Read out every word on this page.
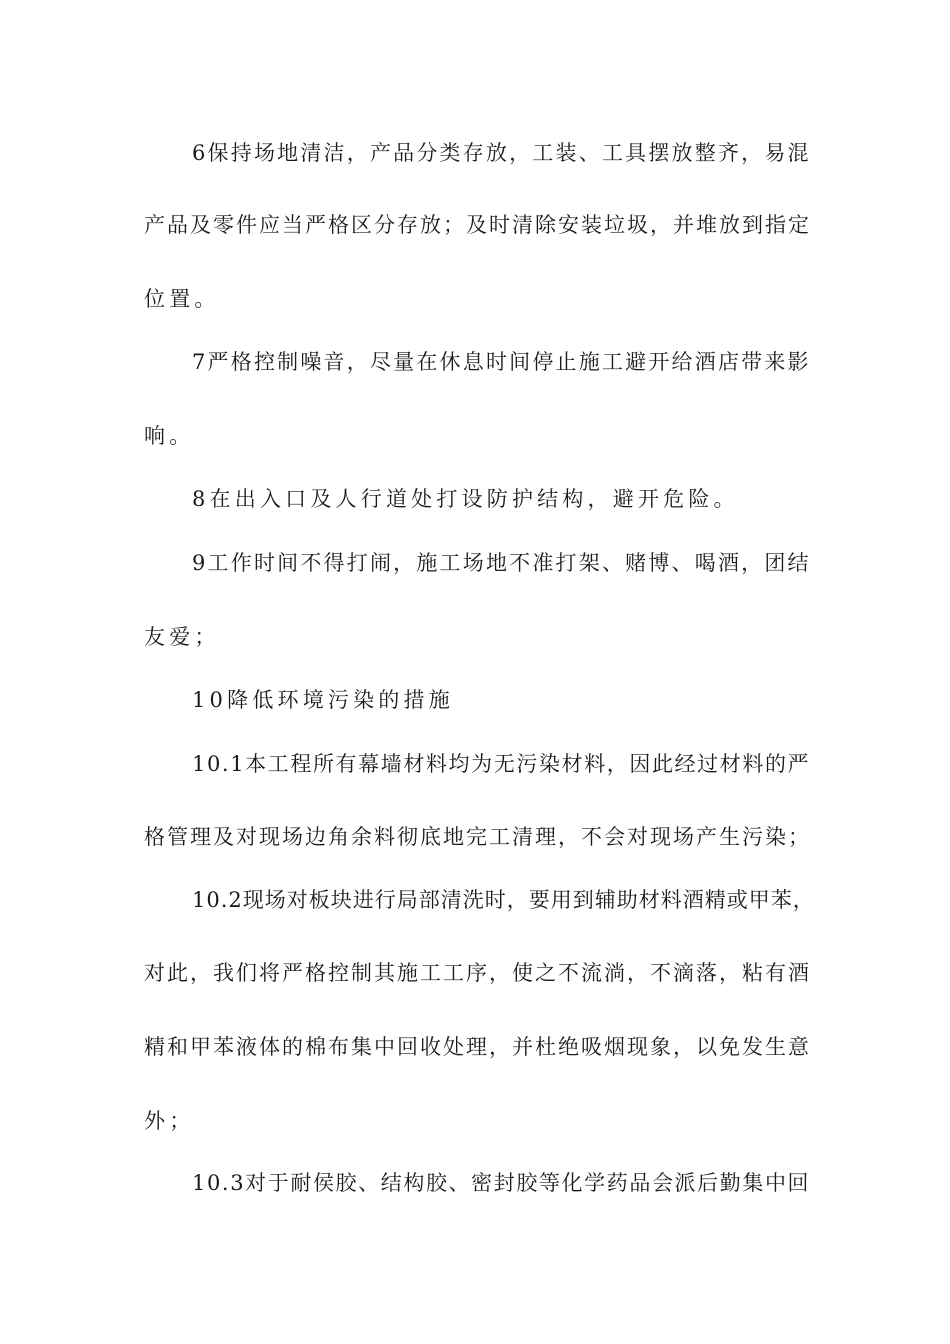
6保持场地清洁，产品分类存放，工装、工具摆放整齐，易混
产品及零件应当严格区分存放；及时清除安装垃圾，并堆放到指定
位置。
7严格控制噪音，尽量在休息时间停止施工避开给酒店带来影
响。
8在出入口及人行道处打设防护结构，避开危险。
9工作时间不得打闹，施工场地不准打架、赌博、喝酒，团结
友爱；
10降低环境污染的措施
10.1本工程所有幕墙材料均为无污染材料，因此经过材料的严
格管理及对现场边角余料彻底地完工清理，不会对现场产生污染；
10.2现场对板块进行局部清洗时，要用到辅助材料酒精或甲苯，
对此，我们将严格控制其施工工序，使之不流淌，不滴落，粘有酒
精和甲苯液体的棉布集中回收处理，并杜绝吸烟现象，以免发生意
外；
10.3对于耐侯胶、结构胶、密封胶等化学药品会派后勤集中回
